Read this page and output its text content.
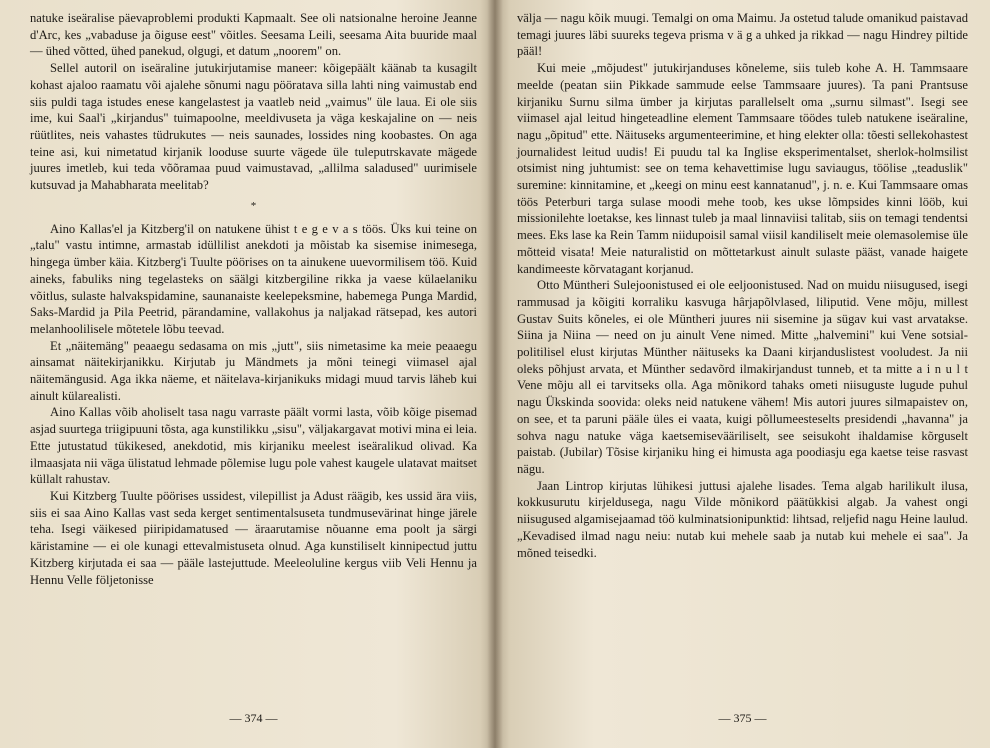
natuke iseäralise päevaproblemi produkti Kapmaalt. See oli natsionalne heroine Jeanne d'Arc, kes „vabaduse ja õiguse eest" võitles. Seesama Leili, seesama Aita buuride maal — ühed võtted, ühed panekud, olgugi, et datum „noorem" on.

Sellel autoril on iseäraline jutukirjutamise maneer: kõigepäält käänab ta kusagilt kohast ajaloo raamatu või ajalehe sõnumi nagu pööratava silla lahti ning vaimustab end siis puldi taga istudes enese kangelastest ja vaatleb neid „vaimus" üle laua. Ei ole siis ime, kui Saal'i „kirjandus" tuimapoolne, meeldivuseta ja väga keskajaline on — neis rüütlites, neis vahastes tüdrukutes — neis saunades, lossides ning koobastes. On aga teine asi, kui nimetatud kirjanik looduse suurte vägede üle tuleputrskavate mägede juures imetleb, kui teda võõramaa puud vaimustavad, „allilma saladused" uurimisele kutsuvad ja Mahabharata meelitab?

*

Aino Kallas'el ja Kitzberg'il on natukene ühist t e g e v a s töös. Üks kui teine on „talu" vastu intimne, armastab idüllilist anekdoti ja mõistab ka sisemise inimesega, hingega ümber käia. Kitzberg'i Tuulte pöörises on ta ainukene uuevormilisem töö. Kuid aineks, fabuliks ning tegelasteks on säälgi kitzbergiline rikka ja vaese külaelaniku võitlus, sulaste halvakspidamine, saunanaiste keelepeksmine, habemega Punga Mardid, Saks-Mardid ja Pila Peetrid, pärandamine, vallakohus ja naljakad rätsepad, kes autori melanhoolilisele mõtetele lõbu teevad.

Et „näitemäng" peaaegu sedasama on mis „jutt", siis nimetasime ka meie peaaegu ainsamat näitekirjanikku. Kirjutab ju Mändmets ja mõni teinegi viimasel ajal näitemängusid. Aga ikka näeme, et näitelava-kirjanikuks midagi muud tarvis läheb kui ainult külarealisti.

Aino Kallas võib aholiselt tasa nagu varraste päält vormi lasta, võib kõige pisemad asjad suurtega triigipuuni tõsta, aga kunstilikku „sisu", väljakargavat motivi mina ei leia. Ette jutustatud tükikesed, anekdotid, mis kirjaniku meelest iseäralikud olivad. Ka ilmaasjata nii väga ülistatud lehmade põlemise lugu pole vahest kaugele ulatavat maitset küllalt rahustav.

Kui Kitzberg Tuulte pöörises ussidest, vilepillist ja Adust räägib, kes ussid ära viis, siis ei saa Aino Kallas vast seda kerget sentimentalsuseta tundmusevärinat hinge järele teha. Isegi väikesed piiripidamatused — äraarutamise nõuanne ema poolt ja särgi käristamine — ei ole kunagi ettevalmistuseta olnud. Aga kunstiliselt kinnipectud juttu Kitzberg kirjutada ei saa — pääle lastejuttude. Meeleoluline kergus viib Veli Hennu ja Hennu Velle följetonisse

— 374 —

välja — nagu kõik muugi. Temalgi on oma Maimu. Ja ostetud talude omanikud paistavad temagi juures läbi suureks tegeva prisma v ä g a uhked ja rikkad — nagu Hindrey piltide pääl!

Kui meie „mõjudest" jutukirjanduses kõneleme, siis tuleb kohe A. H. Tammsaare meelde (peatan siin Pikkade sammude eelse Tammsaare juures). Ta pani Prantsuse kirjaniku Surnu silma ümber ja kirjutas parallelselt oma „surnu silmast". Isegi see viimasel ajal leitud hingeteadline element Tammsaare töödes tuleb natukene iseäraline, nagu „õpitud" ette. Näituseks argumenteerimine, et hing elekter olla: tõesti sellekohastest journalidest leitud uudis! Ei puudu tal ka Inglise eksperimentalset, sherlok-holmsilist otsimist ning juhtumist: see on tema kehavettimise lugu saviaugus, töölise „teaduslik" suremine: kinnitamine, et „keegi on minu eest kannatanud", j. n. e. Kui Tammsaare omas töös Peterburi targa sulase moodi mehe toob, kes ukse lõmpsides kinni lööb, kui missionilehte loetakse, kes linnast tuleb ja maal linnaviisi talitab, siis on temagi tendentsi mees. Eks lase ka Rein Tamm niidupoisil samal viisil kandiliselt meie olemasolemise üle mõtteid visata! Meie naturalistid on mõttetarkust ainult sulaste pääst, vanade haigete kandimeeste kõrvatagant korjanud.

Otto Müntheri Sulejoonistused ei ole eeljoonistused. Nad on muidu niisugused, isegi rammusad ja kõigiti korraliku kasvuga hârjapõlvlased, liliputid. Vene mõju, millest Gustav Suits kõneles, ei ole Müntheri juures nii sisemine ja sügav kui vast arvatakse. Siina ja Niina — need on ju ainult Vene nimed. Mitte „halvemini" kui Vene sotsial-politilisel elust kirjutas Münther näituseks ka Daani kirjanduslistest vooludest. Ja nii oleks põhjust arvata, et Münther sedavõrd ilmakirjandust tunneb, et ta mitte a i n u l t Vene mõju all ei tarvitseks olla. Aga mõnikord tahaks ometi niisuguste lugude puhul nagu Ükskinda soovida: oleks neid natukene vähem! Mis autori juures silmapaistev on, on see, et ta paruni pääle üles ei vaata, kuigi põllumeesteselts presidendi „havanna" ja sohva nagu natuke väga kaetsemisevääriliselt, see seisukoht ihaldamise kõrguselt paistab. (Jubilar) Tõsise kirjaniku hing ei himusta aga poodiasju ega kaetse teise rasvast nägu.

Jaan Lintrop kirjutas lühikesi juttusi ajalehe lisades. Tema algab harilikult ilusa, kokkusurutu kirjeldusega, nagu Vilde mõnikord päätükkisi algab. Ja vahest ongi niisugused algamisejaamad töö kulminatsionipunktid: lihtsad, reljefid nagu Heine laulud. „Kevadised ilmad nagu neiu: nutab kui mehele saab ja nutab kui mehele ei saa". Ja mõned teisedki.

— 375 —
